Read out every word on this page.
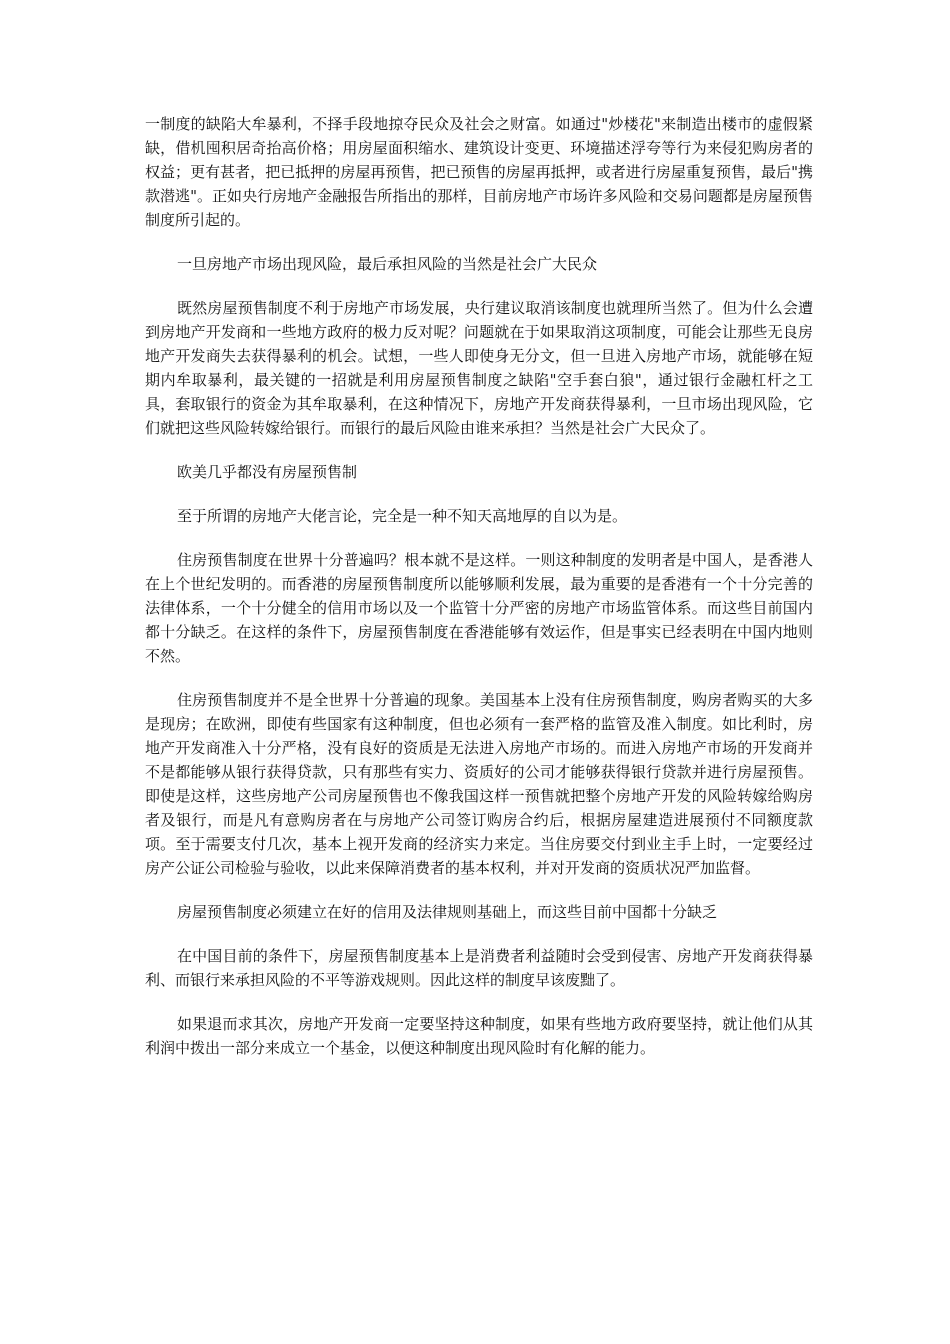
一制度的缺陷大牟暴利，不择手段地掠夺民众及社会之财富。如通过"炒楼花"来制造出楼市的虚假紧缺，借机囤积居奇抬高价格；用房屋面积缩水、建筑设计变更、环境描述浮夸等行为来侵犯购房者的权益；更有甚者，把已抵押的房屋再预售，把已预售的房屋再抵押，或者进行房屋重复预售，最后"携款潜逃"。正如央行房地产金融报告所指出的那样，目前房地产市场许多风险和交易问题都是房屋预售制度所引起的。

一旦房地产市场出现风险，最后承担风险的当然是社会广大民众

既然房屋预售制度不利于房地产市场发展，央行建议取消该制度也就理所当然了。但为什么会遭到房地产开发商和一些地方政府的极力反对呢？问题就在于如果取消这项制度，可能会让那些无良房地产开发商失去获得暴利的机会。试想，一些人即使身无分文，但一旦进入房地产市场，就能够在短期内牟取暴利，最关键的一招就是利用房屋预售制度之缺陷"空手套白狼"，通过银行金融杠杆之工具，套取银行的资金为其牟取暴利，在这种情况下，房地产开发商获得暴利，一旦市场出现风险，它们就把这些风险转嫁给银行。而银行的最后风险由谁来承担？当然是社会广大民众了。

欧美几乎都没有房屋预售制

至于所谓的房地产大佬言论，完全是一种不知天高地厚的自以为是。

住房预售制度在世界十分普遍吗？根本就不是这样。一则这种制度的发明者是中国人，是香港人在上个世纪发明的。而香港的房屋预售制度所以能够顺利发展，最为重要的是香港有一个十分完善的法律体系，一个十分健全的信用市场以及一个监管十分严密的房地产市场监管体系。而这些目前国内都十分缺乏。在这样的条件下，房屋预售制度在香港能够有效运作，但是事实已经表明在中国内地则不然。

住房预售制度并不是全世界十分普遍的现象。美国基本上没有住房预售制度，购房者购买的大多是现房；在欧洲，即使有些国家有这种制度，但也必须有一套严格的监管及准入制度。如比利时，房地产开发商准入十分严格，没有良好的资质是无法进入房地产市场的。而进入房地产市场的开发商并不是都能够从银行获得贷款，只有那些有实力、资质好的公司才能够获得银行贷款并进行房屋预售。即使是这样，这些房地产公司房屋预售也不像我国这样一预售就把整个房地产开发的风险转嫁给购房者及银行，而是凡有意购房者在与房地产公司签订购房合约后，根据房屋建造进展预付不同额度款项。至于需要支付几次，基本上视开发商的经济实力来定。当住房要交付到业主手上时，一定要经过房产公证公司检验与验收，以此来保障消费者的基本权利，并对开发商的资质状况严加监督。

房屋预售制度必须建立在好的信用及法律规则基础上，而这些目前中国都十分缺乏

在中国目前的条件下，房屋预售制度基本上是消费者利益随时会受到侵害、房地产开发商获得暴利、而银行来承担风险的不平等游戏规则。因此这样的制度早该废黜了。

如果退而求其次，房地产开发商一定要坚持这种制度，如果有些地方政府要坚持，就让他们从其利润中拨出一部分来成立一个基金，以便这种制度出现风险时有化解的能力。
